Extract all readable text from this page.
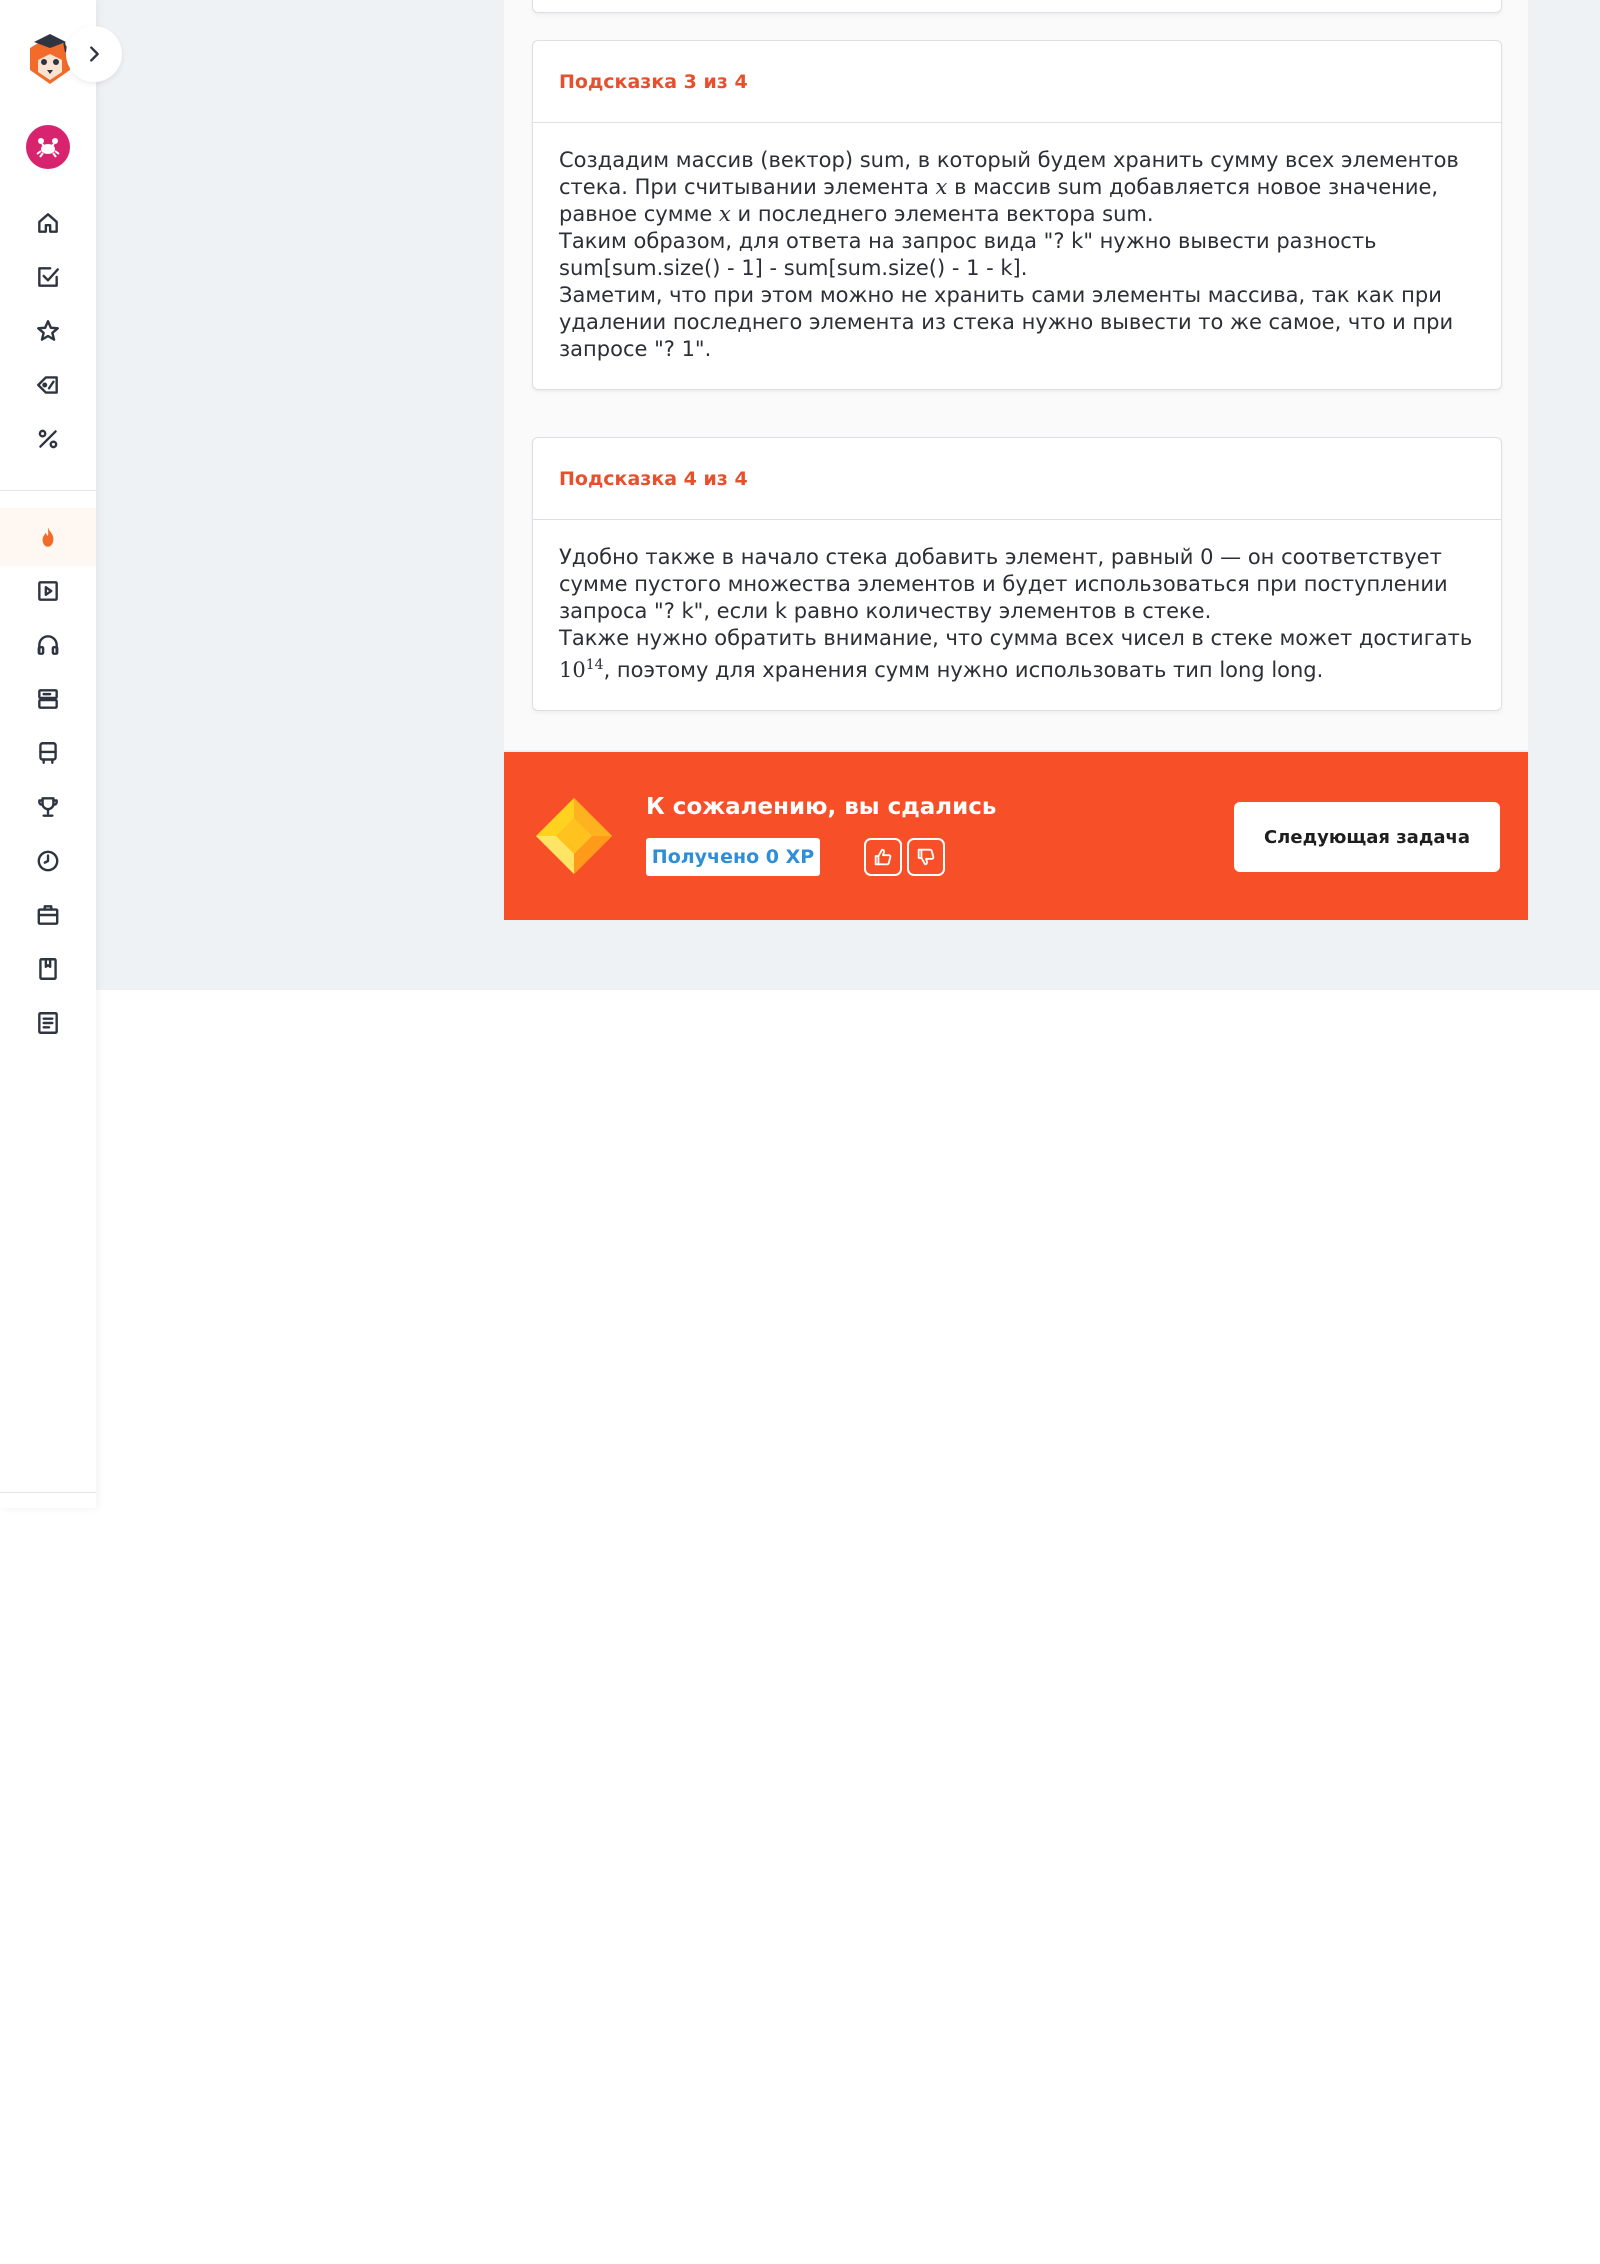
Подсказка 3 из 4

Создадим массив (вектор) sum, в который будем хранить сумму всех элементов стека. При считывании элемента x в массив sum добавляется новое значение, равное сумме x и последнего элемента вектора sum.

Таким образом, для ответа на запрос вида "? k" нужно вывести разность sum[sum.size() - 1] - sum[sum.size() - 1 - k].

Заметим, что при этом можно не хранить сами элементы массива, так как при удалении последнего элемента из стека нужно вывести то же самое, что и при запросе "? 1".

Подсказка 4 из 4

Удобно также в начало стека добавить элемент, равный 0 — он соответствует сумме пустого множества элементов и будет использоваться при поступлении запроса "? k", если k равно количеству элементов в стеке.

Также нужно обратить внимание, что сумма всех чисел в стеке может достигать $10^{14}$, поэтому для хранения сумм нужно использовать тип long long.

К сожалению, вы сдались
Получено 0 XP
Следующая задача
